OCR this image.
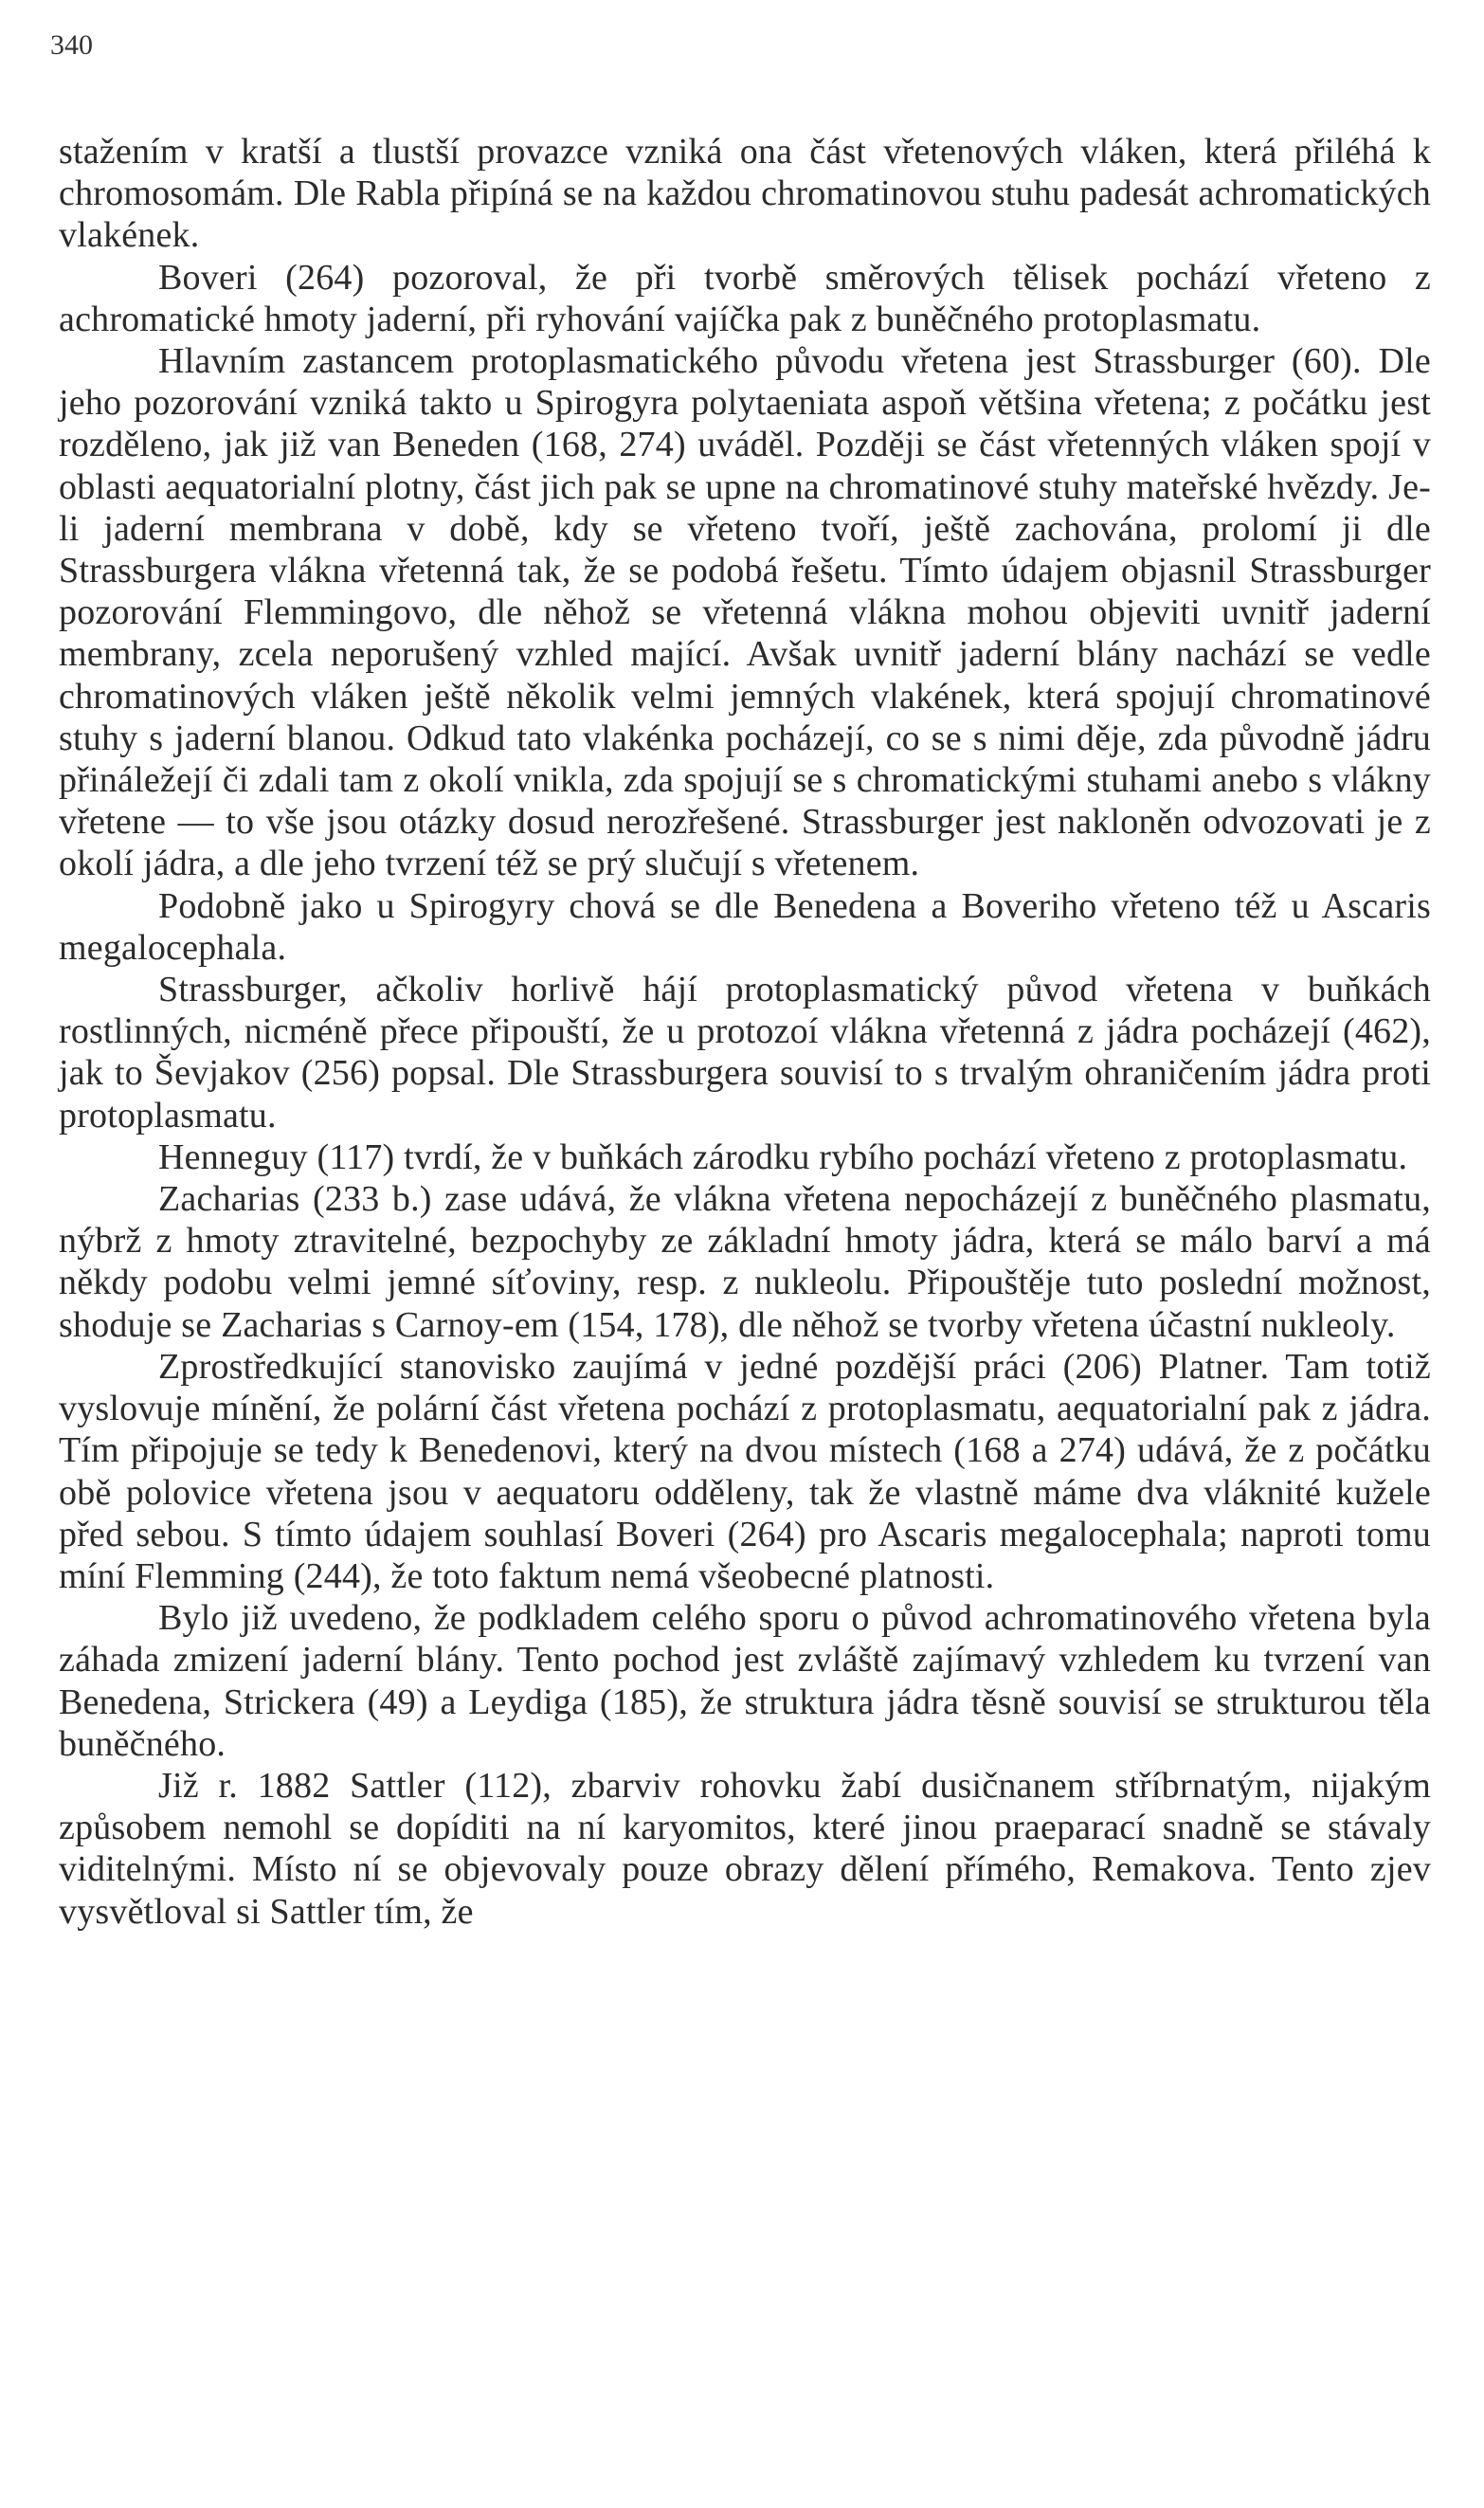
340

stažením v kratší a tlustší provazce vzniká ona část vřetenových vláken, která přiléhá k chromosomám. Dle Rabla připíná se na každou chromatinovou stuhu padesát achromatických vlakének.

Boveri (264) pozoroval, že při tvorbě směrových tělisek pochází vřeteno z achromatické hmoty jaderní, při ryhování vajíčka pak z buněčného protoplasmatu.

Hlavním zastancem protoplasmatického původu vřetena jest Strassburger (60). Dle jeho pozorování vzniká takto u Spirogyra polytaeniata aspoň většina vřetena; z počátku jest rozděleno, jak již van Beneden (168, 274) uváděl. Později se část vřetenných vláken spojí v oblasti aequatorialní plotny, část jich pak se upne na chromatinové stuhy mateřské hvězdy. Je-li jaderní membrana v době, kdy se vřeteno tvoří, ještě zachována, prolomí ji dle Strassburgera vlákna vřetenná tak, že se podobá řešetu. Tímto údajem objasnil Strassburger pozorování Flemmingovo, dle něhož se vřetenná vlákna mohou objeviti uvnitř jaderní membrany, zcela neporušený vzhled mající. Avšak uvnitř jaderní blány nachází se vedle chromatinových vláken ještě několik velmi jemných vlakének, která spojují chromatinové stuhy s jaderní blanou. Odkud tato vlakénka pocházejí, co se s nimi děje, zda původně jádru přináležejí či zdali tam z okolí vnikla, zda spojují se s chromatickými stuhami anebo s vlákny vřetene — to vše jsou otázky dosud nerozřešené. Strassburger jest nakloněn odvozovati je z okolí jádra, a dle jeho tvrzení též se prý slučují s vřetenem.

Podobně jako u Spirogyry chová se dle Benedena a Boveriho vřeteno též u Ascaris megalocephala.

Strassburger, ačkoliv horlivě hájí protoplasmatický původ vřetena v buňkách rostlinných, nicméně přece připouští, že u protozoí vlákna vřetenná z jádra pocházejí (462), jak to Ševjakov (256) popsal. Dle Strassburgera souvisí to s trvalým ohraničením jádra proti protoplasmatu.

Henneguy (117) tvrdí, že v buňkách zárodku rybího pochází vřeteno z protoplasmatu.

Zacharias (233 b.) zase udává, že vlákna vřetena nepocházejí z buněčného plasmatu, nýbrž z hmoty ztravitelné, bezpochyby ze základní hmoty jádra, která se málo barví a má někdy podobu velmi jemné síťoviny, resp. z nukleolu. Připouštěje tuto poslední možnost, shoduje se Zacharias s Carnoy-em (154, 178), dle něhož se tvorby vřetena účastní nukleoly.

Zprostředkující stanovisko zaujímá v jedné pozdější práci (206) Platner. Tam totiž vyslovuje mínění, že polární část vřetena pochází z protoplasmatu, aequatorialní pak z jádra. Tím připojuje se tedy k Benedenovi, který na dvou místech (168 a 274) udává, že z počátku obě polovice vřetena jsou v aequatoru odděleny, tak že vlastně máme dva vláknité kužele před sebou. S tímto údajem souhlasí Boveri (264) pro Ascaris megalocephala; naproti tomu míní Flemming (244), že toto faktum nemá všeobecné platnosti.

Bylo již uvedeno, že podkladem celého sporu o původ achromatinového vřetena byla záhada zmizení jaderní blány. Tento pochod jest zvláště zajímavý vzhledem ku tvrzení van Benedena, Strickera (49) a Leydiga (185), že struktura jádra těsně souvisí se strukturou těla buněčného.

Již r. 1882 Sattler (112), zbarviv rohovku žabí dusičnanem stříbrnatým, nijakým způsobem nemohl se dopíditi na ní karyomitos, které jinou praeparací snadně se stávaly viditelnými. Místo ní se objevovaly pouze obrazy dělení přímého, Remakova. Tento zjev vysvětloval si Sattler tím, že
